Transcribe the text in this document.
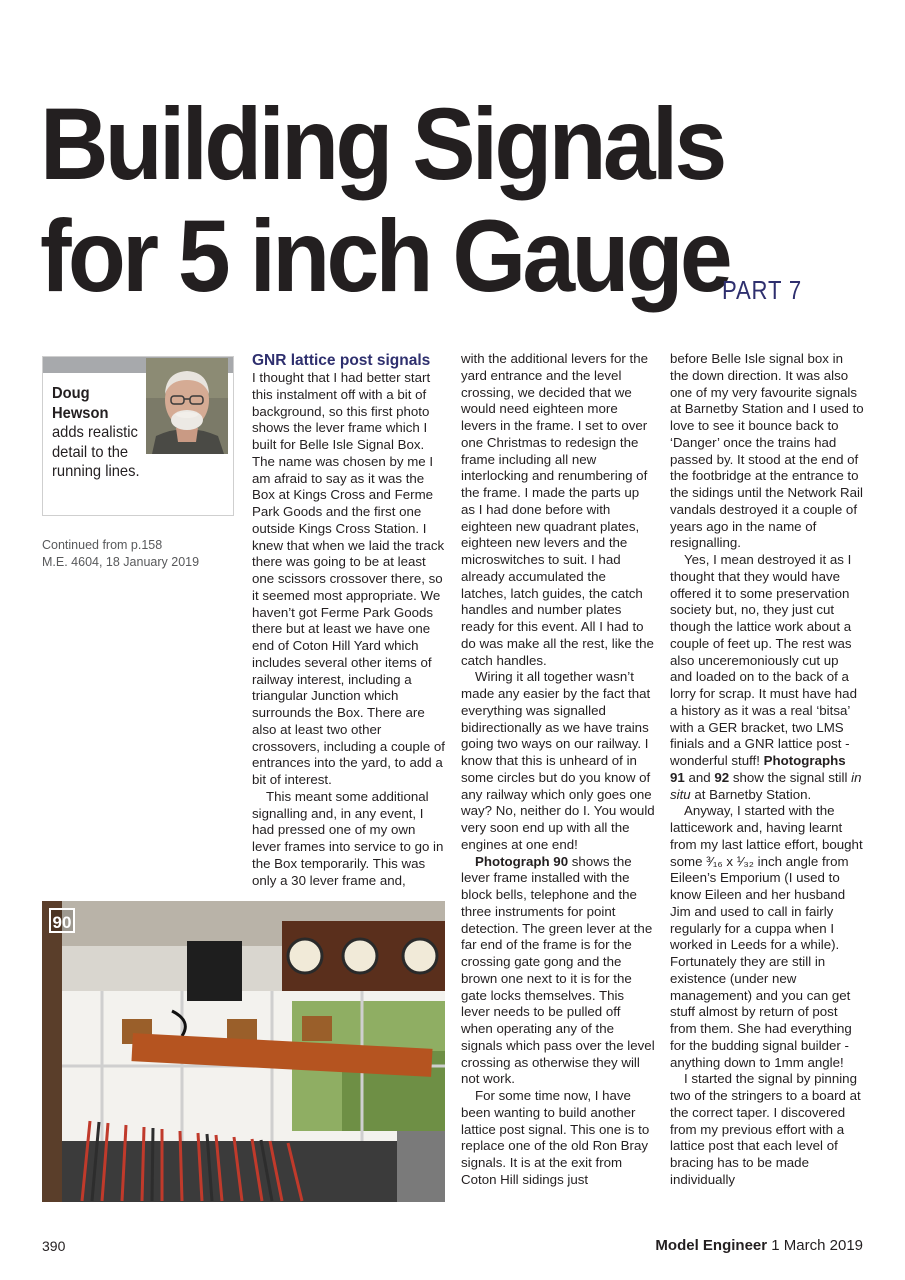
Building Signals
for 5 inch Gauge
PART 7
Doug
Hewson
adds realistic detail to the running lines.
Continued from p.158
M.E. 4604, 18 January 2019

GNR lattice post signals

I thought that I had better start this instalment off with a bit of background, so this first photo shows the lever frame which I built for Belle Isle Signal Box. The name was chosen by me I am afraid to say as it was the Box at Kings Cross and Ferme Park Goods and the first one outside Kings Cross Station. I knew that when we laid the track there was going to be at least one scissors crossover there, so it seemed most appropriate. We haven’t got Ferme Park Goods there but at least we have one end of Coton Hill Yard which includes several other items of railway interest, including a triangular Junction which surrounds the Box. There are also at least two other crossovers, including a couple of entrances into the yard, to add a bit of interest.

This meant some additional signalling and, in any event, I had pressed one of my own lever frames into service to go in the Box temporarily. This was only a 30 lever frame and,

with the additional levers for the yard entrance and the level crossing, we decided that we would need eighteen more levers in the frame. I set to over one Christmas to redesign the frame including all new interlocking and renumbering of the frame. I made the parts up as I had done before with eighteen new quadrant plates, eighteen new levers and the microswitches to suit. I had already accumulated the latches, latch guides, the catch handles and number plates ready for this event. All I had to do was make all the rest, like the catch handles.

Wiring it all together wasn’t made any easier by the fact that everything was signalled bidirectionally as we have trains going two ways on our railway. I know that this is unheard of in some circles but do you know of any railway which only goes one way? No, neither do I. You would very soon end up with all the engines at one end!

Photograph 90 shows the lever frame installed with the block bells, telephone and the three instruments for point detection. The green lever at the far end of the frame is for the crossing gate gong and the brown one next to it is for the gate locks themselves. This lever needs to be pulled off when operating any of the signals which pass over the level crossing as otherwise they will not work.

For some time now, I have been wanting to build another lattice post signal. This one is to replace one of the old Ron Bray signals. It is at the exit from Coton Hill sidings just

before Belle Isle signal box in the down direction. It was also one of my very favourite signals at Barnetby Station and I used to love to see it bounce back to ‘Danger’ once the trains had passed by. It stood at the end of the footbridge at the entrance to the sidings until the Network Rail vandals destroyed it a couple of years ago in the name of resignalling.

Yes, I mean destroyed it as I thought that they would have offered it to some preservation society but, no, they just cut though the lattice work about a couple of feet up. The rest was also unceremoniously cut up and loaded on to the back of a lorry for scrap. It must have had a history as it was a real ‘bitsa’ with a GER bracket, two LMS finials and a GNR lattice post - wonderful stuff! Photographs 91 and 92 show the signal still in situ at Barnetby Station.

Anyway, I started with the latticework and, having learnt from my last lattice effort, bought some ³⁄₁₆ x ¹⁄₃₂ inch angle from Eileen’s Emporium (I used to know Eileen and her husband Jim and used to call in fairly regularly for a cuppa when I worked in Leeds for a while). Fortunately they are still in existence (under new management) and you can get stuff almost by return of post from them. She had everything for the budding signal builder - anything down to 1mm angle!

I started the signal by pinning two of the stringers to a board at the correct taper. I discovered from my previous effort with a lattice post that each level of bracing has to be made individually

90
390	Model Engineer 1 March 2019
